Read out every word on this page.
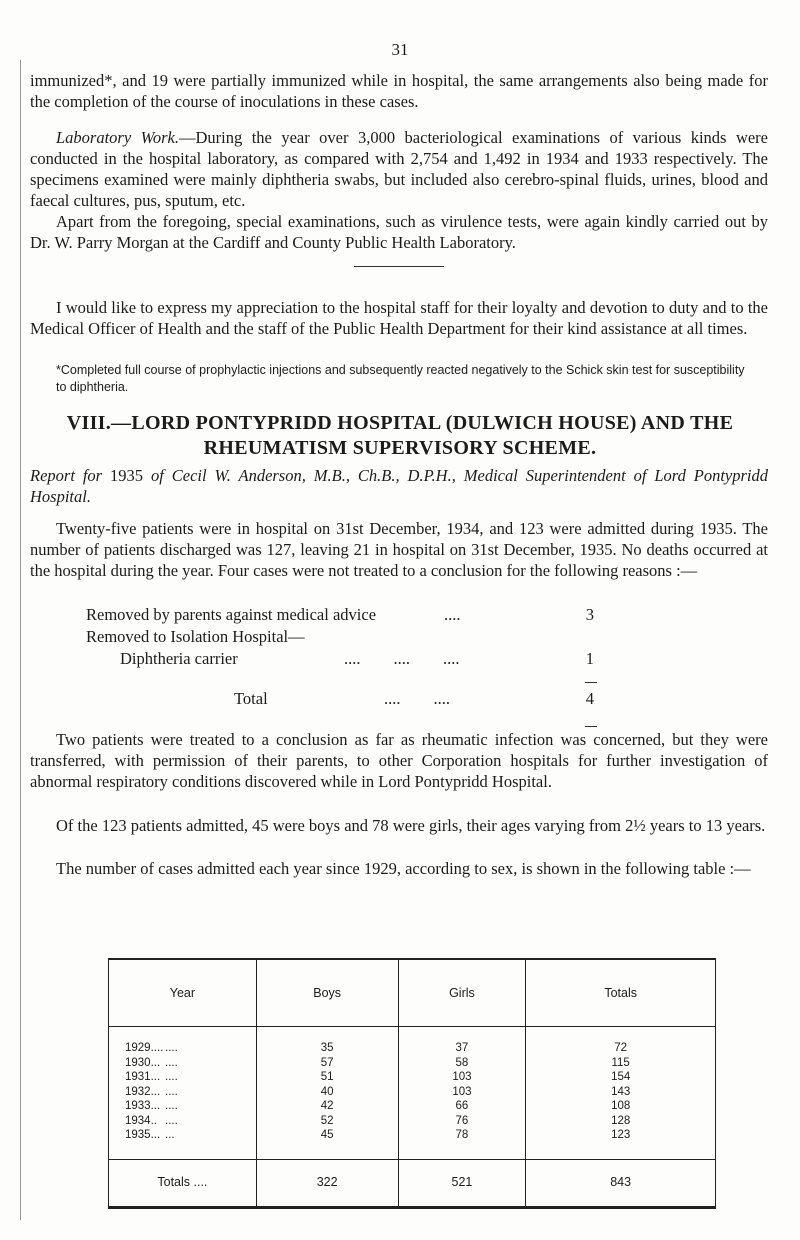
31

immunized*, and 19 were partially immunized while in hospital, the same arrangements also being made for the completion of the course of inoculations in these cases.

Laboratory Work.—During the year over 3,000 bacteriological examinations of various kinds were conducted in the hospital laboratory, as compared with 2,754 and 1,492 in 1934 and 1933 respectively. The specimens examined were mainly diphtheria swabs, but included also cerebro-spinal fluids, urines, blood and faecal cultures, pus, sputum, etc.

Apart from the foregoing, special examinations, such as virulence tests, were again kindly carried out by Dr. W. Parry Morgan at the Cardiff and County Public Health Laboratory.

I would like to express my appreciation to the hospital staff for their loyalty and devotion to duty and to the Medical Officer of Health and the staff of the Public Health Department for their kind assistance at all times.

*Completed full course of prophylactic injections and subsequently reacted negatively to the Schick skin test for susceptibility to diphtheria.

VIII.—LORD PONTYPRIDD HOSPITAL (DULWICH HOUSE) AND THE RHEUMATISM SUPERVISORY SCHEME.

Report for 1935 of Cecil W. Anderson, M.B., Ch.B., D.P.H., Medical Superintendent of Lord Pontypridd Hospital.

Twenty-five patients were in hospital on 31st December, 1934, and 123 were admitted during 1935. The number of patients discharged was 127, leaving 21 in hospital on 31st December, 1935. No deaths occurred at the hospital during the year. Four cases were not treated to a conclusion for the following reasons :—

Removed by parents against medical advice	....	3
Removed to Isolation Hospital—
Diphtheria carrier	....        ....        ....	1
Total	....        ....	4

Two patients were treated to a conclusion as far as rheumatic infection was concerned, but they were transferred, with permission of their parents, to other Corporation hospitals for further investigation of abnormal respiratory conditions discovered while in Lord Pontypridd Hospital.

Of the 123 patients admitted, 45 were boys and 78 were girls, their ages varying from 2½ years to 13 years.

The number of cases admitted each year since 1929, according to sex, is shown in the following table :—

Year	Boys	Girls	Totals
1929.... ....	35	37	72
1930... ....	57	58	115
1931... ....	51	103	154
1932... ....	40	103	143
1933... ....	42	66	108
1934.. ....	52	76	128
1935... ...	45	78	123
Totals ....	322	521	843
